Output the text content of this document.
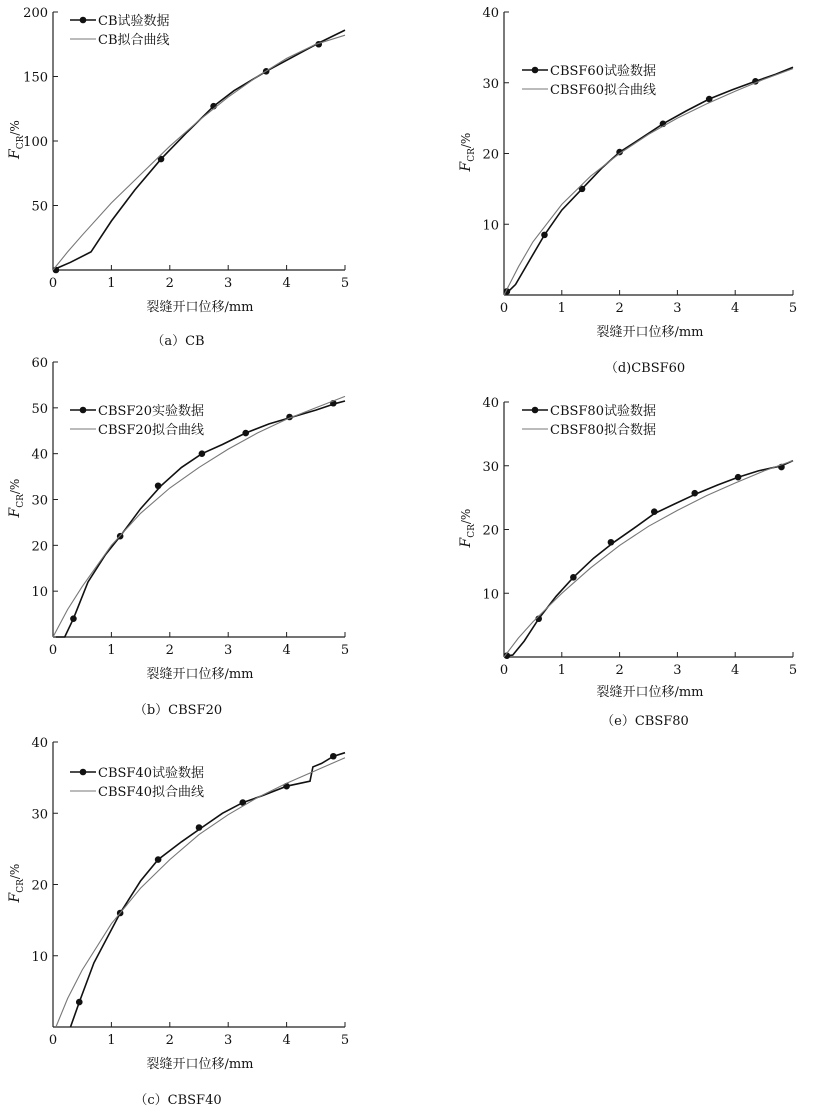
0	1	2	3	4	5
50
100
150
200
裂缝开口位移/mm
$F_{CR}/\%$
（a）CB
CB试验数据
CB拟合曲线
0	1	2	3	4	5
10
20
30
40
50
60
裂缝开口位移/mm
$F_{CR}/\%$
（b）CBSF20
CBSF20实验数据
CBSF20拟合曲线
0	1	2	3	4	5
10
20
30
40
裂缝开口位移/mm
$F_{CR}/\%$
（c）CBSF40
CBSF40试验数据
CBSF40拟合曲线
0	1	2	3	4	5
10
20
30
40
裂缝开口位移/mm
$F_{CR}/\%$
（d)CBSF60
CBSF60试验数据
CBSF60拟合曲线
0	1	2	3	4	5
10
20
30
40
裂缝开口位移/mm
$F_{CR}/\%$
（e）CBSF80
CBSF80试验数据
CBSF80拟合数据
